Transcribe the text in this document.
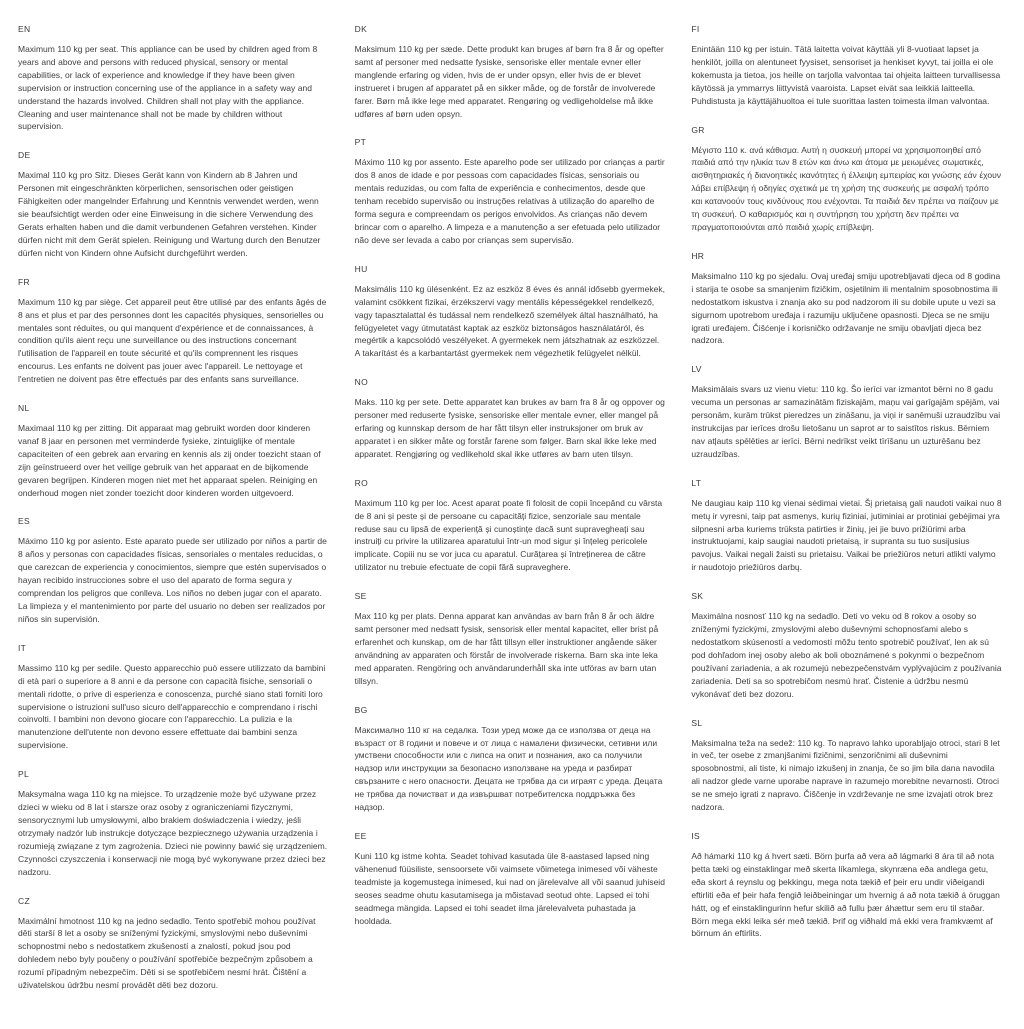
EN

Maximum 110 kg per seat. This appliance can be used by children aged from 8 years and above and persons with reduced physical, sensory or mental capabilities, or lack of experience and knowledge if they have been given supervision or instruction concerning use of the appliance in a safety way and understand the hazards involved. Children shall not play with the appliance. Cleaning and user maintenance shall not be made by children without supervision.

DE

Maximal 110 kg pro Sitz. Dieses Gerät kann von Kindern ab 8 Jahren und Personen mit eingeschränkten körperlichen, sensorischen oder geistigen Fähigkeiten oder mangelnder Erfahrung und Kenntnis verwendet werden, wenn sie beaufsichtigt werden oder eine Einweisung in die sichere Verwendung des Gerats erhalten haben und die damit verbundenen Gefahren verstehen. Kinder dürfen nicht mit dem Gerät spielen. Reinigung und Wartung durch den Benutzer dürfen nicht von Kindern ohne Aufsicht durchgeführt werden.

FR

Maximum 110 kg par siège. Cet appareil peut être utilisé par des enfants âgés de 8 ans et plus et par des personnes dont les capacités physiques, sensorielles ou mentales sont réduites, ou qui manquent d'expérience et de connaissances, à condition qu'ils aient reçu une surveillance ou des instructions concernant l'utilisation de l'appareil en toute sécurité et qu'ils comprennent les risques encourus. Les enfants ne doivent pas jouer avec l'appareil. Le nettoyage et l'entretien ne doivent pas être effectués par des enfants sans surveillance.

NL

Maximaal 110 kg per zitting. Dit apparaat mag gebruikt worden door kinderen vanaf 8 jaar en personen met verminderde fysieke, zintuiglijke of mentale capaciteiten of een gebrek aan ervaring en kennis als zij onder toezicht staan of zijn geïnstrueerd over het veilige gebruik van het apparaat en de bijkomende gevaren begrijpen. Kinderen mogen niet met het apparaat spelen. Reiniging en onderhoud mogen niet zonder toezicht door kinderen worden uitgevoerd.

ES

Máximo 110 kg por asiento. Este aparato puede ser utilizado por niños a partir de 8 años y personas con capacidades físicas, sensoriales o mentales reducidas, o que carezcan de experiencia y conocimientos, siempre que estén supervisados o hayan recibido instrucciones sobre el uso del aparato de forma segura y comprendan los peligros que conlleva. Los niños no deben jugar con el aparato. La limpieza y el mantenimiento por parte del usuario no deben ser realizados por niños sin supervisión.

IT

Massimo 110 kg per sedile. Questo apparecchio può essere utilizzato da bambini di età pari o superiore a 8 anni e da persone con capacità fisiche, sensoriali o mentali ridotte, o prive di esperienza e conoscenza, purché siano stati forniti loro supervisione o istruzioni sull'uso sicuro dell'apparecchio e comprendano i rischi coinvolti. I bambini non devono giocare con l'apparecchio. La pulizia e la manutenzione dell'utente non devono essere effettuate dai bambini senza supervisione.

PL

Maksymalna waga 110 kg na miejsce. To urządzenie może być używane przez dzieci w wieku od 8 lat i starsze oraz osoby z ograniczeniami fizycznymi, sensorycznymi lub umysłowymi, albo brakiem doświadczenia i wiedzy, jeśli otrzymały nadzór lub instrukcje dotyczące bezpiecznego używania urządzenia i rozumieją związane z tym zagrożenia. Dzieci nie powinny bawić się urządzeniem. Czynności czyszczenia i konserwacji nie mogą być wykonywane przez dzieci bez nadzoru.

CZ

Maximální hmotnost 110 kg na jedno sedadlo. Tento spotřebič mohou používat děti starší 8 let a osoby se sníženými fyzickými, smyslovými nebo duševními schopnostmi nebo s nedostatkem zkušeností a znalostí, pokud jsou pod dohledem nebo byly poučeny o používání spotřebiče bezpečným způsobem a rozumí případným nebezpečím. Děti si se spotřebičem nesmí hrát. Čištění a uživatelskou údržbu nesmí provádět děti bez dozoru.

DK

Maksimum 110 kg per sæde. Dette produkt kan bruges af børn fra 8 år og opefter samt af personer med nedsatte fysiske, sensoriske eller mentale evner eller manglende erfaring og viden, hvis de er under opsyn, eller hvis de er blevet instrueret i brugen af apparatet på en sikker måde, og de forstår de involverede farer. Børn må ikke lege med apparatet. Rengøring og vedligeholdelse må ikke udføres af børn uden opsyn.

PT

Máximo 110 kg por assento. Este aparelho pode ser utilizado por crianças a partir dos 8 anos de idade e por pessoas com capacidades físicas, sensoriais ou mentais reduzidas, ou com falta de experiência e conhecimentos, desde que tenham recebido supervisão ou instruções relativas à utilização do aparelho de forma segura e compreendam os perigos envolvidos. As crianças não devem brincar com o aparelho. A limpeza e a manutenção a ser efetuada pelo utilizador não deve ser levada a cabo por crianças sem supervisão.

HU

Maksimális 110 kg ülésenként. Ez az eszköz 8 éves és annál idősebb gyermekek, valamint csökkent fizikai, érzékszervi vagy mentális képességekkel rendelkező, vagy tapasztalattal és tudással nem rendelkező személyek által használható, ha felügyeletet vagy útmutatást kaptak az eszköz biztonságos használatáról, és megértik a kapcsolódó veszélyeket. A gyermekek nem játszhatnak az eszközzel. A takarítást és a karbantartást gyermekek nem végezhetik felügyelet nélkül.

NO

Maks. 110 kg per sete. Dette apparatet kan brukes av barn fra 8 år og oppover og personer med reduserte fysiske, sensoriske eller mentale evner, eller mangel på erfaring og kunnskap dersom de har fått tilsyn eller instruksjoner om bruk av apparatet i en sikker måte og forstår farene som følger. Barn skal ikke leke med apparatet. Rengjøring og vedlikehold skal ikke utføres av barn uten tilsyn.

RO

Maximum 110 kg per loc. Acest aparat poate fi folosit de copii începând cu vârsta de 8 ani și peste și de persoane cu capacități fizice, senzoriale sau mentale reduse sau cu lipsă de experiență și cunoștințe dacă sunt supravegheați sau instruiți cu privire la utilizarea aparatului într-un mod sigur și înțeleg pericolele implicate. Copiii nu se vor juca cu aparatul. Curățarea și întreținerea de către utilizator nu trebuie efectuate de copii fără supraveghere.

SE

Max 110 kg per plats. Denna apparat kan användas av barn från 8 år och äldre samt personer med nedsatt fysisk, sensorisk eller mental kapacitet, eller brist på erfarenhet och kunskap, om de har fått tillsyn eller instruktioner angående säker användning av apparaten och förstår de involverade riskerna. Barn ska inte leka med apparaten. Rengöring och användarunderhåll ska inte utföras av barn utan tillsyn.

BG

Максимално 110 кг на седалка. Този уред може да се използва от деца на възраст от 8 години и повече и от лица с намалени физически, сетивни или умствени способности или с липса на опит и познания, ако са получили надзор или инструкции за безопасно използване на уреда и разбират свързаните с него опасности. Децата не трябва да си играят с уреда. Децата не трябва да почистват и да извършват потребителска поддръжка без надзор.

EE

Kuni 110 kg istme kohta. Seadet tohivad kasutada üle 8-aastased lapsed ning vähenenud füüsiliste, sensoorsete või vaimsete võimetega inimesed või väheste teadmiste ja kogemustega inimesed, kui nad on järelevalve all või saanud juhiseid seoses seadme ohutu kasutamisega ja mõistavad seotud ohte. Lapsed ei tohi seadmega mängida. Lapsed ei tohi seadet ilma järelevalveta puhastada ja hooldada.

FI

Enintään 110 kg per istuin. Tätä laitetta voivat käyttää yli 8-vuotiaat lapset ja henkilöt, joilla on alentuneet fyysiset, sensoriset ja henkiset kyvyt, tai joilla ei ole kokemusta ja tietoa, jos heille on tarjolla valvontaa tai ohjeita laitteen turvallisessa käytössä ja ymmarrys liittyvistä vaaroista. Lapset eivät saa leikkiä laitteella. Puhdistusta ja käyttäjähuoltoa ei tule suorittaa lasten toimesta ilman valvontaa.

GR

Μέγιστο 110 κ. ανά κάθισμα. Αυτή η συσκευή μπορεί να χρησιμοποιηθεί από παιδιά από την ηλικία των 8 ετών και άνω και άτομα με μειωμένες σωματικές, αισθητηριακές ή διανοητικές ικανότητες ή έλλειψη εμπειρίας και γνώσης εάν έχουν λάβει επίβλεψη ή οδηγίες σχετικά με τη χρήση της συσκευής με ασφαλή τρόπο και κατανοούν τους κινδύνους που ενέχονται. Τα παιδιά δεν πρέπει να παίζουν με τη συσκευή. Ο καθαρισμός και η συντήρηση του χρήστη δεν πρέπει να πραγματοποιούνται από παιδιά χωρίς επίβλεψη.

HR

Maksimalno 110 kg po sjedalu. Ovaj uređaj smiju upotrebljavati djeca od 8 godina i starija te osobe sa smanjenim fizičkim, osjetilnim ili mentalnim sposobnostima ili nedostatkom iskustva i znanja ako su pod nadzorom ili su dobile upute u vezi sa sigurnom upotrebom uređaja i razumiju uključene opasnosti. Djeca se ne smiju igrati uređajem. Čišćenje i korisničko održavanje ne smiju obavljati djeca bez nadzora.

LV

Maksimālais svars uz vienu vietu: 110 kg. Šo ierīci var izmantot bērni no 8 gadu vecuma un personas ar samazinātām fiziskajām, maņu vai garīgajām spējām, vai personām, kurām trūkst pieredzes un zināšanu, ja viņi ir sanēmuši uzraudzību vai instrukcijas par ierīces drošu lietošanu un saprot ar to saistītos riskus. Bērniem nav atļauts spēlēties ar ierīci. Bērni nedrīkst veikt tīrīšanu un uzturēšanu bez uzraudzības.

LT

Ne daugiau kaip 110 kg vienai sėdimai vietai. Šį prietaisą gali naudoti vaikai nuo 8 metų ir vyresni, taip pat asmenys, kurių fiziniai, jutiminiai ar protiniai gebėjimai yra silpnesni arba kuriems trūksta patirties ir žinių, jei jie buvo prižiūrimi arba instruktuojami, kaip saugiai naudoti prietaisą, ir supranta su tuo susijusius pavojus. Vaikai negali žaisti su prietaisu. Vaikai be priežiūros neturi atlikti valymo ir naudotojo priežiūros darbų.

SK

Maximálna nosnosť 110 kg na sedadlo. Deti vo veku od 8 rokov a osoby so zníženými fyzickými, zmyslovými alebo duševnými schopnosťami alebo s nedostatkom skúseností a vedomostí môžu tento spotrebič používať, len ak sú pod dohľadom inej osoby alebo ak boli oboznámené s pokynmi o bezpečnom používaní zariadenia, a ak rozumejú nebezpečenstvám vyplývajúcim z používania zariadenia. Deti sa so spotrebičom nesmú hrať. Čistenie a údržbu nesmú vykonávať deti bez dozoru.

SL

Maksimalna teža na sedež: 110 kg. To napravo lahko uporabljajo otroci, stari 8 let in več, ter osebe z zmanjšanimi fizičnimi, senzoričnimi ali duševnimi sposobnostmi, ali tiste, ki nimajo izkušenj in znanja, če so jim bila dana navodila ali nadzor glede varne uporabe naprave in razumejo morebitne nevarnosti. Otroci se ne smejo igrati z napravo. Čiščenje in vzdrževanje ne sme izvajati otrok brez nadzora.

IS

Að hámarki 110 kg á hvert sæti. Börn þurfa að vera að lágmarki 8 ára til að nota þetta tæki og einstaklingar með skerta líkamlega, skynræna eða andlega getu, eða skort á reynslu og þekkingu, mega nota tækið ef þeir eru undir viðeigandi eftirliti eða ef þeir hafa fengið leiðbeiningar um hvernig á að nota tækið á öruggan hátt, og ef einstaklingurinn hefur skilið að fullu þær áhættur sem eru til staðar. Börn mega ekki leika sér með tækið. Þrif og viðhald má ekki vera framkvæmt af börnum án eftirlits.
